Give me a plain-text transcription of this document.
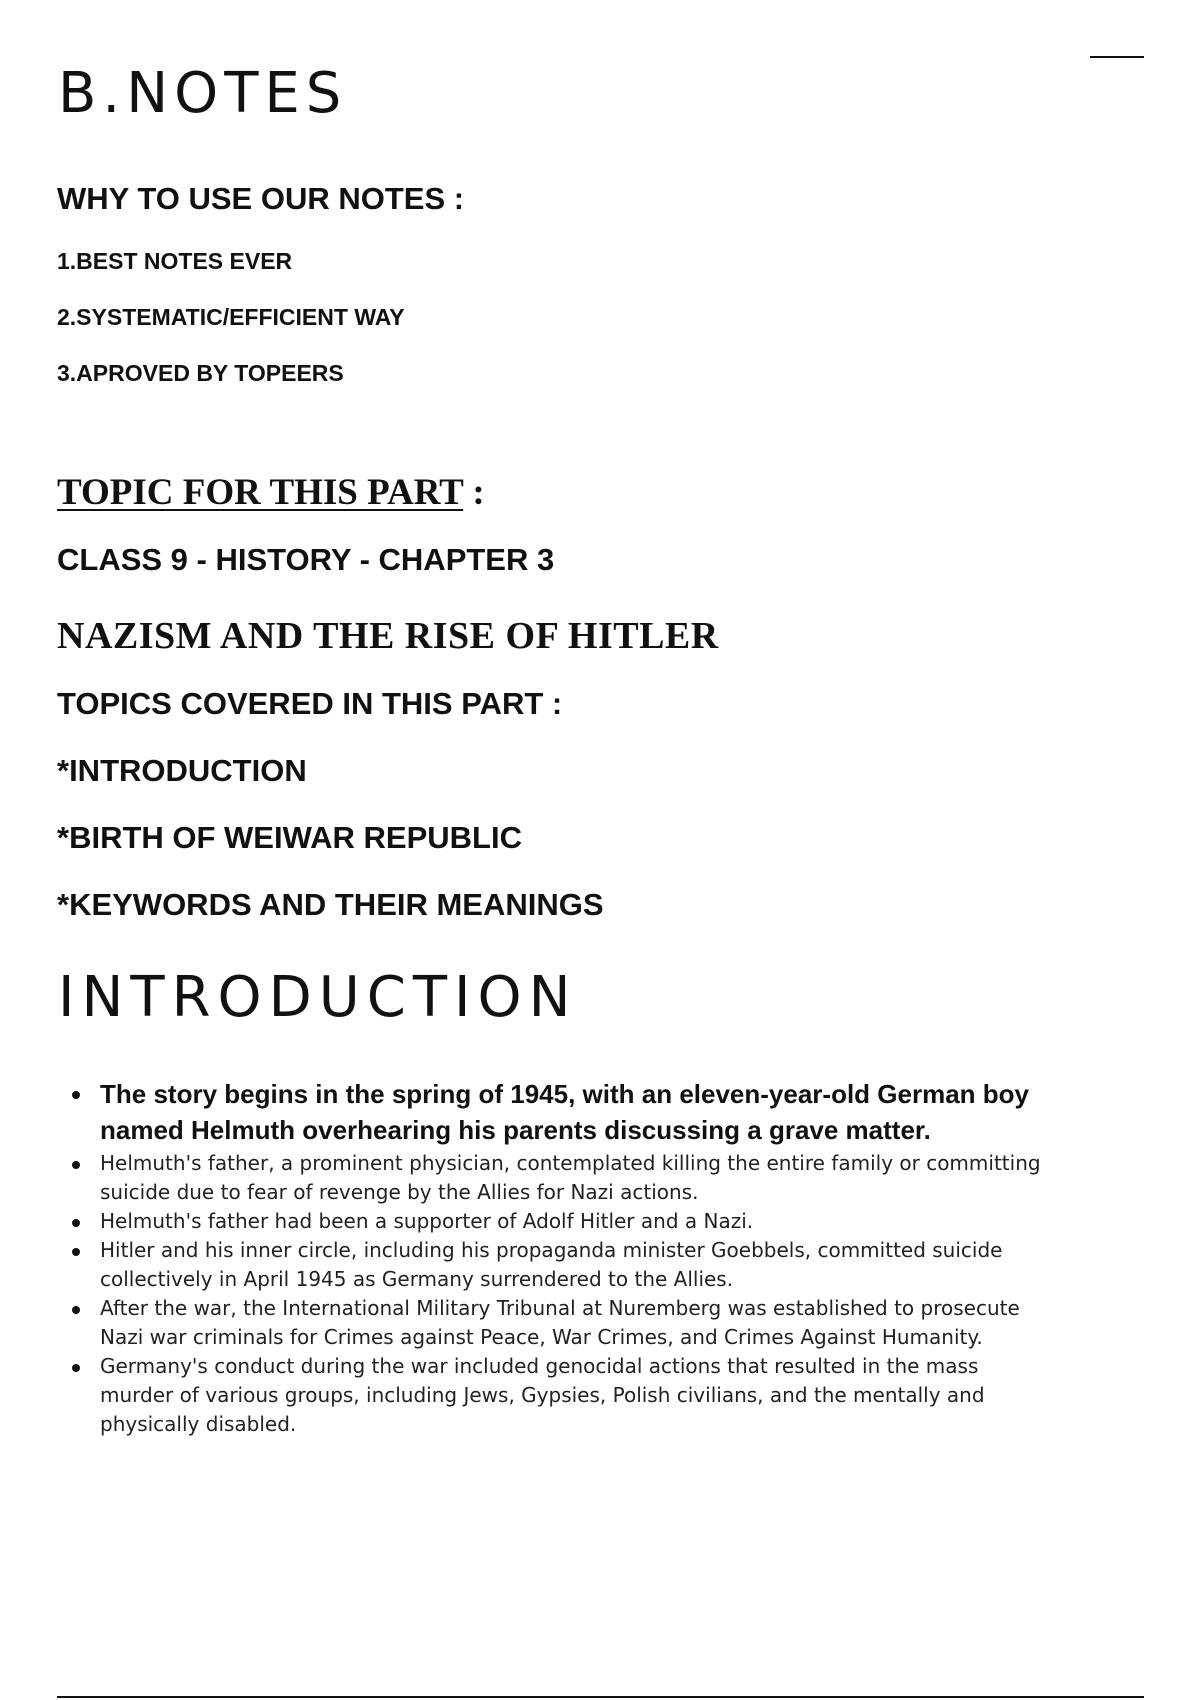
B.NOTES
WHY TO USE OUR NOTES :
1.BEST NOTES EVER
2.SYSTEMATIC/EFFICIENT WAY
3.APROVED BY TOPEERS
TOPIC FOR THIS PART :
CLASS 9 - HISTORY - CHAPTER 3
NAZISM AND THE RISE OF HITLER
TOPICS COVERED IN THIS PART :
*INTRODUCTION
*BIRTH OF WEIWAR REPUBLIC
*KEYWORDS AND THEIR MEANINGS
INTRODUCTION
The story begins in the spring of 1945, with an eleven-year-old German boy named Helmuth overhearing his parents discussing a grave matter.
Helmuth's father, a prominent physician, contemplated killing the entire family or committing suicide due to fear of revenge by the Allies for Nazi actions.
Helmuth's father had been a supporter of Adolf Hitler and a Nazi.
Hitler and his inner circle, including his propaganda minister Goebbels, committed suicide collectively in April 1945 as Germany surrendered to the Allies.
After the war, the International Military Tribunal at Nuremberg was established to prosecute Nazi war criminals for Crimes against Peace, War Crimes, and Crimes Against Humanity.
Germany's conduct during the war included genocidal actions that resulted in the mass murder of various groups, including Jews, Gypsies, Polish civilians, and the mentally and physically disabled.
